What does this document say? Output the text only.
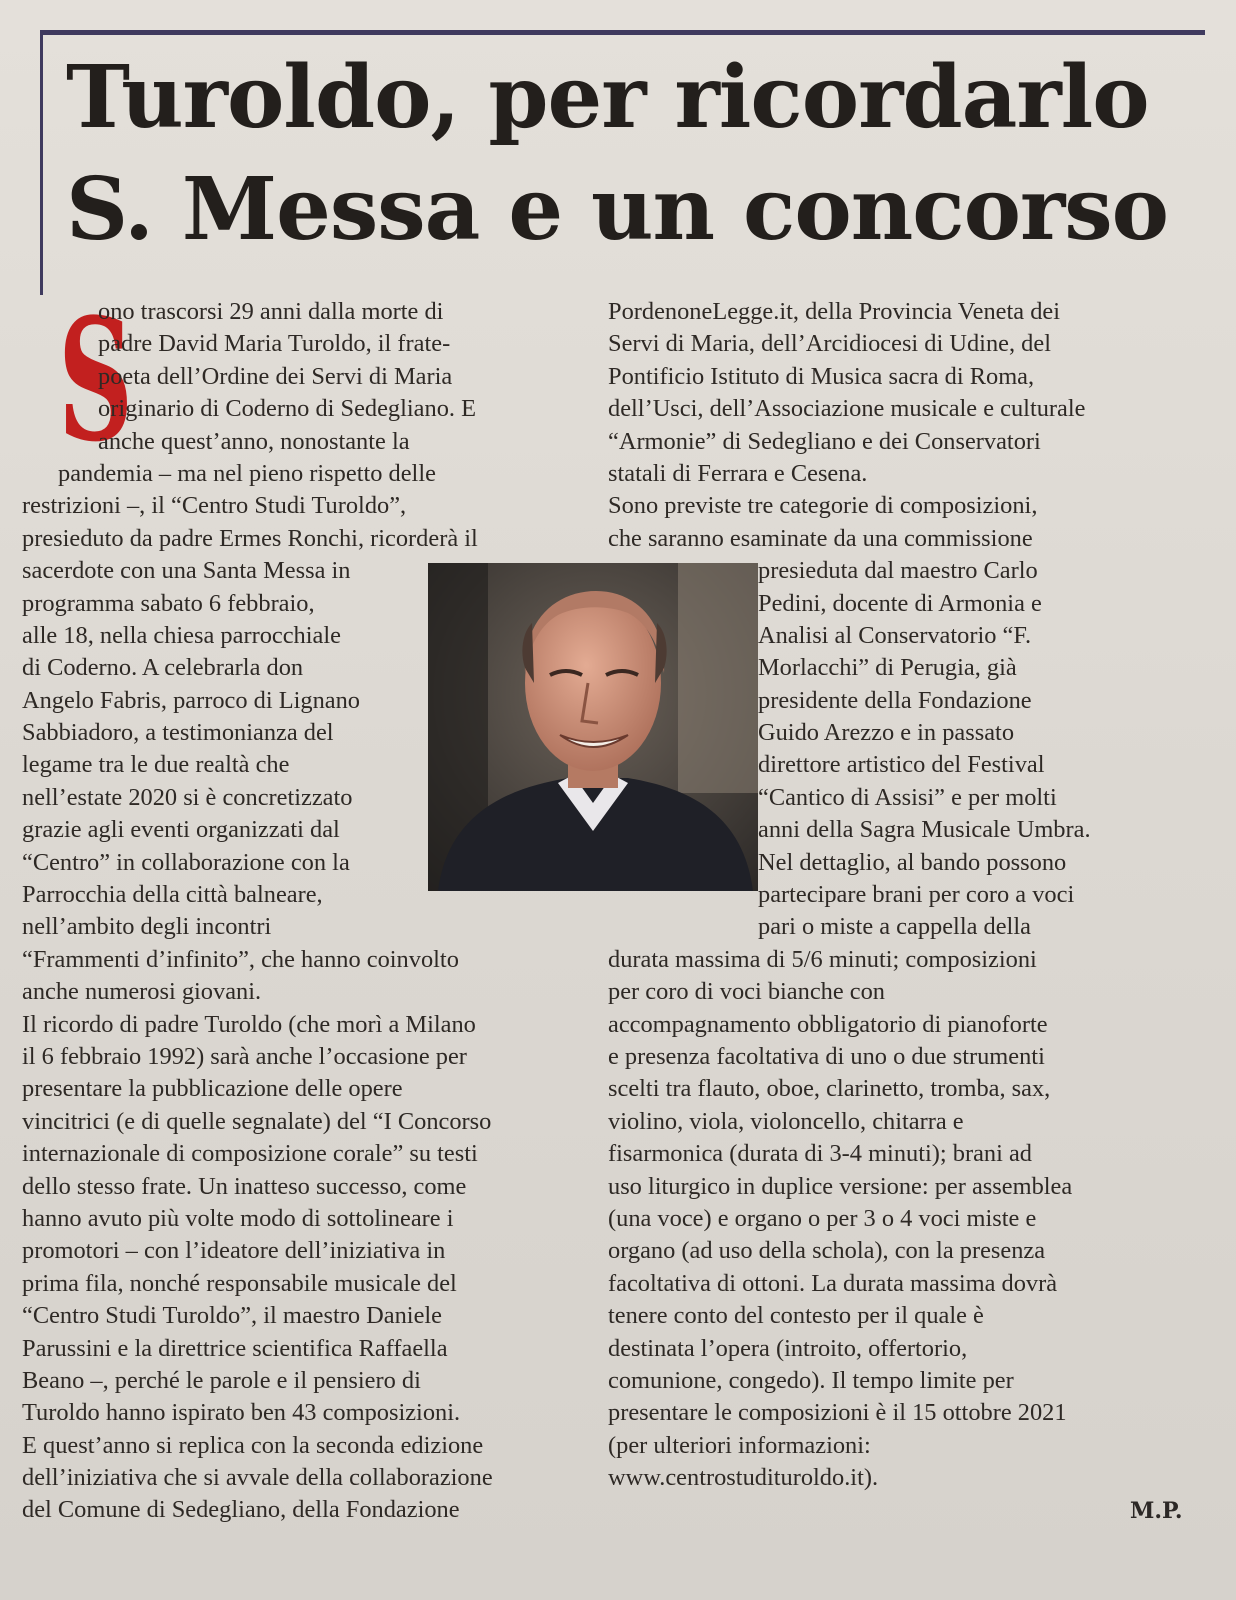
Turoldo, per ricordarlo
S. Messa e un concorso
S
ono trascorsi 29 anni dalla morte di
padre David Maria Turoldo, il frate-
poeta dell’Ordine dei Servi di Maria
originario di Coderno di Sedegliano. E
anche quest’anno, nonostante la
pandemia – ma nel pieno rispetto delle
restrizioni –, il “Centro Studi Turoldo”,
presieduto da padre Ermes Ronchi, ricorderà il
sacerdote con una Santa Messa in
programma sabato 6 febbraio,
alle 18, nella chiesa parrocchiale
di Coderno. A celebrarla don
Angelo Fabris, parroco di Lignano
Sabbiadoro, a testimonianza del
legame tra le due realtà che
nell’estate 2020 si è concretizzato
grazie agli eventi organizzati dal
“Centro” in collaborazione con la
Parrocchia della città balneare,
nell’ambito degli incontri
“Frammenti d’infinito”, che hanno coinvolto
anche numerosi giovani.
Il ricordo di padre Turoldo (che morì a Milano
il 6 febbraio 1992) sarà anche l’occasione per
presentare la pubblicazione delle opere
vincitrici (e di quelle segnalate) del “I Concorso
internazionale di composizione corale” su testi
dello stesso frate. Un inatteso successo, come
hanno avuto più volte modo di sottolineare i
promotori – con l’ideatore dell’iniziativa in
prima fila, nonché responsabile musicale del
“Centro Studi Turoldo”, il maestro Daniele
Parussini e la direttrice scientifica Raffaella
Beano –, perché le parole e il pensiero di
Turoldo hanno ispirato ben 43 composizioni.
E quest’anno si replica con la seconda edizione
dell’iniziativa che si avvale della collaborazione
del Comune di Sedegliano, della Fondazione
PordenoneLegge.it, della Provincia Veneta dei
Servi di Maria, dell’Arcidiocesi di Udine, del
Pontificio Istituto di Musica sacra di Roma,
dell’Usci, dell’Associazione musicale e culturale
“Armonie” di Sedegliano e dei Conservatori
statali di Ferrara e Cesena.
Sono previste tre categorie di composizioni,
che saranno esaminate da una commissione
presieduta dal maestro Carlo
Pedini, docente di Armonia e
Analisi al Conservatorio “F.
Morlacchi” di Perugia, già
presidente della Fondazione
Guido Arezzo e in passato
direttore artistico del Festival
“Cantico di Assisi” e per molti
anni della Sagra Musicale Umbra.
Nel dettaglio, al bando possono
partecipare brani per coro a voci
pari o miste a cappella della
durata massima di 5/6 minuti; composizioni
per coro di voci bianche con
accompagnamento obbligatorio di pianoforte
e presenza facoltativa di uno o due strumenti
scelti tra flauto, oboe, clarinetto, tromba, sax,
violino, viola, violoncello, chitarra e
fisarmonica (durata di 3-4 minuti); brani ad
uso liturgico in duplice versione: per assemblea
(una voce) e organo o per 3 o 4 voci miste e
organo (ad uso della schola), con la presenza
facoltativa di ottoni. La durata massima dovrà
tenere conto del contesto per il quale è
destinata l’opera (introito, offertorio,
comunione, congedo). Il tempo limite per
presentare le composizioni è il 15 ottobre 2021
(per ulteriori informazioni:
www.centrostudituroldo.it).
M.P.
